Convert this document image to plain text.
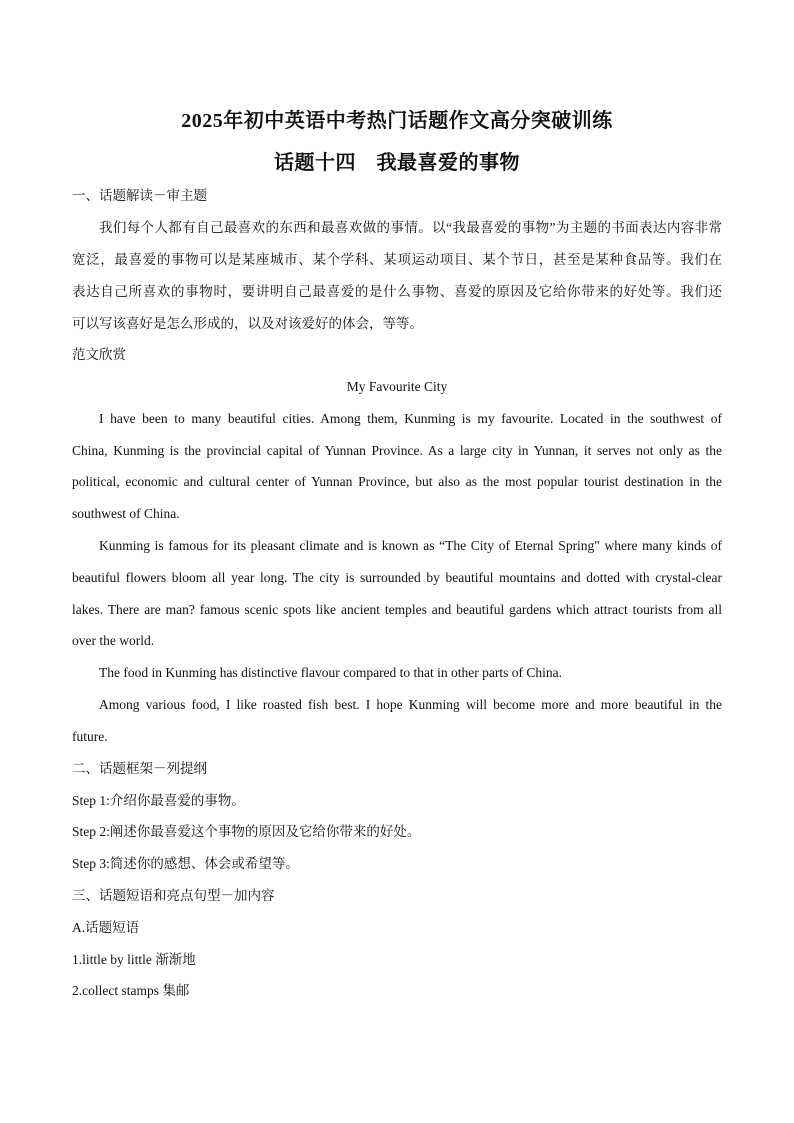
2025年初中英语中考热门话题作文高分突破训练
话题十四　我最喜爱的事物
一、话题解读－审主题
我们每个人都有自己最喜欢的东西和最喜欢做的事情。以“我最喜爱的事物”为主题的书面表达内容非常
宽泛，最喜爱的事物可以是某座城市、某个学科、某项运动项目、某个节日，甚至是某种食品等。我们在
表达自己所喜欢的事物时，要讲明自己最喜爱的是什么事物、喜爱的原因及它给你带来的好处等。我们还
可以写该喜好是怎么形成的，以及对该爱好的体会，等等。
范文欣赏
My Favourite City
I have been to many beautiful cities. Among them, Kunming is my favourite. Located in the southwest of
China, Kunming is the provincial capital of Yunnan Province. As a large city in Yunnan, it serves not only as the
political, economic and cultural center of Yunnan Province, but also as the most popular tourist destination in the
southwest of China.
Kunming is famous for its pleasant climate and is known as “The City of Eternal Spring" where many kinds of
beautiful flowers bloom all year long. The city is surrounded by beautiful mountains and dotted with crystal-clear
lakes. There are man? famous scenic spots like ancient temples and beautiful gardens which attract tourists from all
over the world.
The food in Kunming has distinctive flavour compared to that in other parts of China.
Among various food, I like roasted fish best. I hope Kunming will become more and more beautiful in the
future.
二、话题框架－列提纲
Step 1:介绍你最喜爱的事物。
Step 2:阐述你最喜爱这个事物的原因及它给你带来的好处。
Step 3:简述你的感想、体会或希望等。
三、话题短语和亮点句型－加内容
A.话题短语
1.little by little 渐渐地
2.collect stamps 集邮
